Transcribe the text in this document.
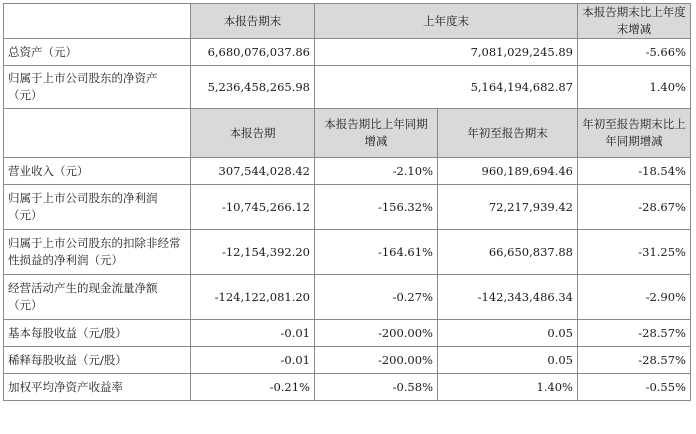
	本报告期末	上年度末		本报告期末比上年度末增减
总资产（元）	6,680,076,037.86	7,081,029,245.89		-5.66%
归属于上市公司股东的净资产（元）	5,236,458,265.98	5,164,194,682.87		1.40%
	本报告期	本报告期比上年同期增减	年初至报告期末	年初至报告期末比上年同期增减
营业收入（元）	307,544,028.42	-2.10%	960,189,694.46	-18.54%
归属于上市公司股东的净利润（元）	-10,745,266.12	-156.32%	72,217,939.42	-28.67%
归属于上市公司股东的扣除非经常性损益的净利润（元）	-12,154,392.20	-164.61%	66,650,837.88	-31.25%
经营活动产生的现金流量净额（元）	-124,122,081.20	-0.27%	-142,343,486.34	-2.90%
基本每股收益（元/股）	-0.01	-200.00%	0.05	-28.57%
稀释每股收益（元/股）	-0.01	-200.00%	0.05	-28.57%
加权平均净资产收益率	-0.21%	-0.58%	1.40%	-0.55%
